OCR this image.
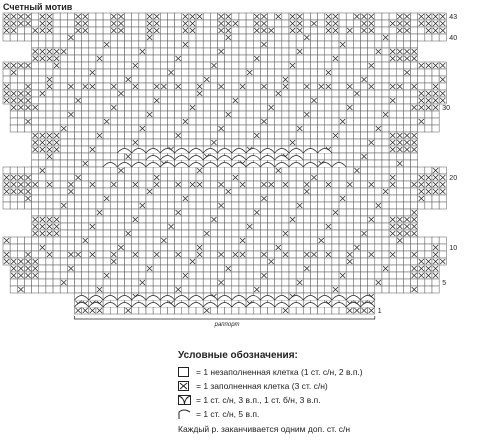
Счетный мотив
раппорт
43
40
30
20
10
5
1
Условные обозначения:
= 1 незаполненная клетка (1 ст. с/н, 2 в.п.)
= 1 заполненная клетка (3 ст. с/н)
= 1 ст. с/н, 3 в.п., 1 ст. б/н, 3 в.п.
= 1 ст. с/н, 5 в.п.
Каждый р. заканчивается одним доп. ст. с/н
